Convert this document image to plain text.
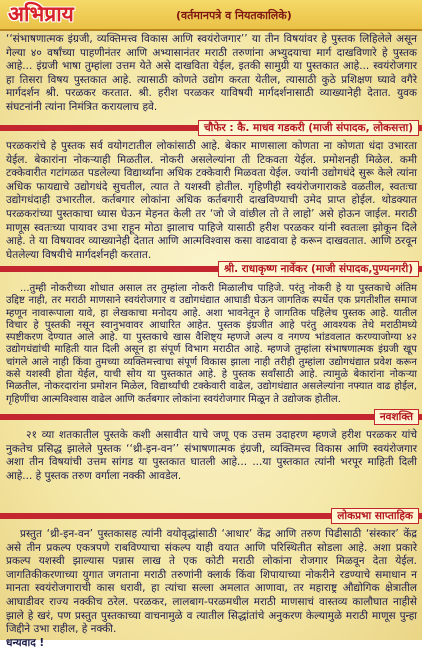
अभिप्राय	(वर्तमानपत्रे व नियतकालिके)

‘‘संभाषणात्मक इंग्रजी, व्यक्तिमत्त्व विकास आणि स्वयंरोजगार’’ या तीन विषयांवर हे पुस्तक लिहिलेले असून गेल्या ४० वर्षांच्या पाहणीनंतर आणि अभ्यासानंतर मराठी तरुणांना अभ्युदयाचा मार्ग दाखविणारे हे पुस्तक आहे... इंग्रजी भाषा तुम्हांला उत्तम येते असे दाखविता येईल, इतकी सामुग्री या पुस्तकात आहे... स्वयंरोजगार हा तिसरा विषय पुस्तकात आहे. त्यासाठी कोणते उद्योग करता येतील, त्यासाठी कुठे प्रशिक्षण घ्यावे वगैरे मार्गदर्शन श्री. परळकर करतात. श्री. हरीश परळकर याविषयी मार्गदर्शनासाठी व्याख्यानेही देतात. युवक संघटनांनी त्यांना निमंत्रित करायलाच हवे.

चौफेर : कै. माधव गडकरी (माजी संपादक, लोकसत्ता)

परळकरांचे हे पुस्तक सर्व वयोगटातील लोकांसाठी आहे. बेकार माणसाला कोणता ना कोणता धंदा उभारता येईल. बेकारांना नोकऱ्याही मिळतील. नोकरी असलेल्यांना ती टिकवता येईल. प्रमोशनही मिळेल. कमी टक्केवारीत गटांगळत पडलेल्या विद्यार्थ्यांना अधिक टक्केवारी मिळवता येईल. ज्यांनी उद्योगधंदे सुरू केले त्यांना अधिक फायद्याचे उद्योगधंदे सुचतील, त्यात ते यशस्वी होतील. गृहिणीही स्वयंरोजगाराकडे वळतील, स्वतःचा उद्योगधंदाही उभारतील. कर्तबगार लोकांना अधिक कर्तबगारी दाखविण्याची उमेद प्राप्त होईल. थोडक्यात परळकरांच्या पुस्तकाचा ध्यास घेऊन मेहनत केली तर ‘जो जे वांछील तो ते लाहो’ असे होऊन जाईल. मराठी माणूस स्वतःच्या पायावर उभा राहून मोठा झालाच पाहिजे यासाठी हरीश परळकर यांनी स्वतःला झोकून दिले आहे. ते या विषयावर व्याख्यानेही देतात आणि आत्मविश्वास कसा वाढवावा हे करून दाखवतात. आणि ठरवून घेतलेल्या विषयीचे मार्गदर्शनही करतात.

श्री. राधाकृष्ण नार्वेकर (माजी संपादक,पुण्यनगरी)

...तुम्ही नोकरीच्या शोधात असाल तर तुम्हांला नोकरी मिळालीच पाहिजे. परंतु नोकरी हे या पुस्तकाचे अंतिम उद्दिष्ट नाही, तर मराठी माणसाने स्वयंरोजगार व उद्योगधंद्यात आघाडी घेऊन जागतिक स्पर्धेत एक प्रगतीशील समाज म्हणून नावारूपाला यावे, हा लेखकाचा मनोदय आहे. अशा भावनेतून हे जागतिक पहिलेच पुस्तक आहे. यातील विचार हे पुस्तकी नसून स्वानुभवावर आधारित आहेत. पुस्तक इंग्रजीत आहे परंतु आवश्यक तेथे मराठीमध्ये स्पष्टीकरण देण्यात आले आहे. या पुस्तकाचे खास वैशिष्ट्य म्हणजे अल्प व नगण्य भांडवलात करण्याजोग्या ४२ उद्योगधंद्यांची माहिती यात दिली असून हा संपूर्ण विभाग मराठीत आहे. म्हणजे तुम्हांला संभाषणात्मक इंग्रजी खूप चांगले आले नाही किंवा तुमच्या व्यक्तिमत्त्वाचा संपूर्ण विकास झाला नाही तरीही तुम्हांला उद्योगधंद्यात प्रवेश करून कसे यशस्वी होता येईल, याची सोय या पुस्तकात आहे. हे पुस्तक सर्वांसाठी आहे. त्यामुळे बेकारांना नोकऱ्या मिळतील, नोकरदारांना प्रमोशन मिळेल, विद्यार्थ्यांची टक्केवारी वाढेल, उद्योगधंद्यात असलेल्यांना नफ्यात वाढ होईल, गृहिणींचा आत्मविश्वास वाढेल आणि कर्तबगार लोकांना स्वयंरोजगार मिळून ते उद्योजक होतील.

नवशक्ति

२१ व्या शतकातील पुस्तके कशी असावीत याचे जणू एक उत्तम उदाहरण म्हणजे हरीश परळकर यांचे नुकतेच प्रसिद्ध झालेले पुस्तक ‘‘थ्री-इन-वन’’ संभाषणात्मक इंग्रजी, व्यक्तिमत्त्व विकास आणि स्वयंरोजगार अशा तीन विषयांची उत्तम सांगड या पुस्तकात घातली आहे... ...या पुस्तकात त्यांनी भरपूर माहिती दिली आहे... हे पुस्तक तरुण वर्गाला नक्की आवडेल.

लोकप्रभा साप्ताहिक

प्रस्तुत ‘थ्री-इन-वन’ पुस्तकासह त्यांनी वयोवृद्धांसाठी ‘आधार’ केंद्र आणि तरुण पिढीसाठी ‘संस्कार’ केंद्र असे तीन प्रकल्प एकत्रपणे राबविण्याचा संकल्प याही वयात आणि परिस्थितीत सोडला आहे. अशा प्रकारे प्रकल्प यशस्वी झाल्यास पन्नास लाख ते एक कोटी मराठी लोकांना रोजगार मिळवून देता येईल. जागतिकीकरणाच्या युगात जगताना मराठी तरुणांनी क्लार्क किंवा शिपायाच्या नोकरीने रडण्याचे समाधान न मानता स्वयंरोजगाराची कास धरावी, हा त्यांचा सल्ला अमलात आणावा, तर महाराष्ट्र औद्योगिक क्षेत्रातील आघाडीवर राज्य नक्कीच ठरेल. परळकर, लालबाग-परळमधील मराठी माणसाचं वास्तव्य कालौघात नाहीसे झाले हे खरं, पण प्रस्तुत पुस्तकाच्या वाचनामुळे व त्यातील सिद्धांतांचे अनुकरण केल्यामुळे मराठी माणूस पुन्हा जिद्दीने उभा राहील, हे नक्की.

धन्यवाद !
